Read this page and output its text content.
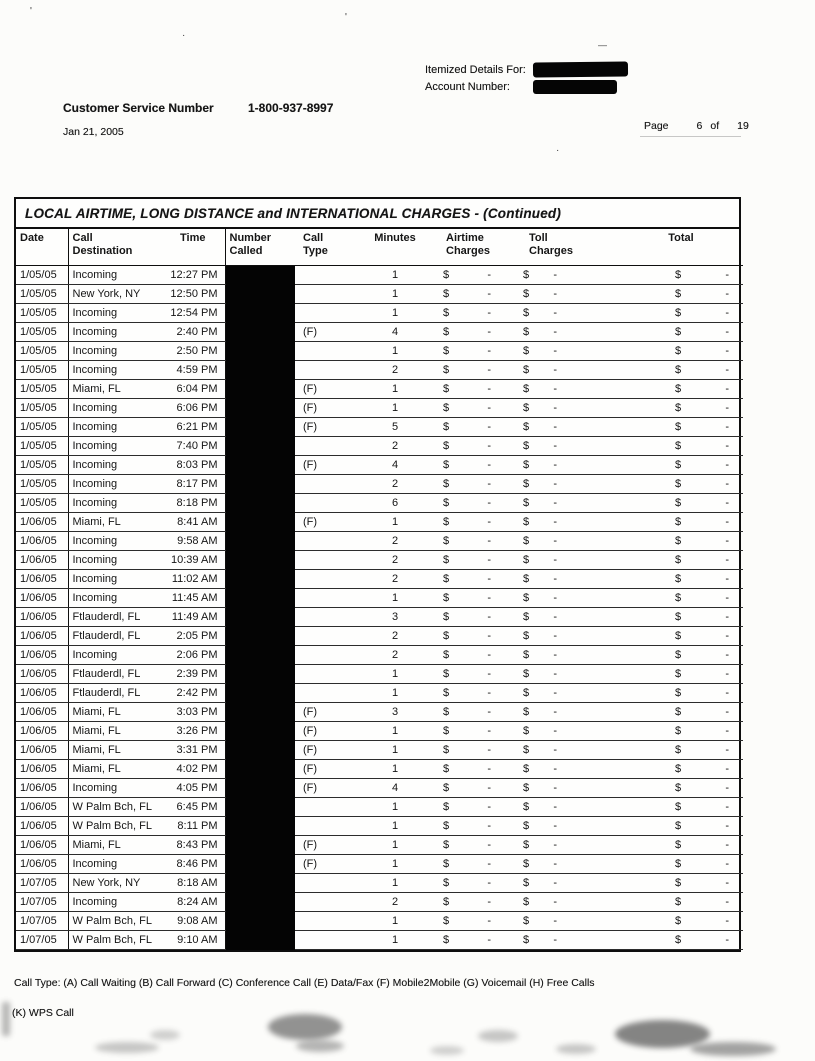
'
·
'
—
·
Itemized Details For:
Account Number:
Customer Service Number	1-800-937-8997
Jan 21, 2005	Page	6 of 19
LOCAL AIRTIME, LONG DISTANCE and INTERNATIONAL CHARGES - (Continued)
Date	Call Destination	Time	Number Called	Call Type	Minutes	Airtime Charges	Toll Charges	Total
1/05/05	Incoming	12:27 PM			1	$ -	$ -	$ -

1/05/05	New York, NY	12:50 PM			1	$ -	$ -	$ -

1/05/05	Incoming	12:54 PM			1	$ -	$ -	$ -

1/05/05	Incoming	2:40 PM		(F)	4	$ -	$ -	$ -

1/05/05	Incoming	2:50 PM			1	$ -	$ -	$ -

1/05/05	Incoming	4:59 PM			2	$ -	$ -	$ -

1/05/05	Miami, FL	6:04 PM		(F)	1	$ -	$ -	$ -

1/05/05	Incoming	6:06 PM		(F)	1	$ -	$ -	$ -

1/05/05	Incoming	6:21 PM		(F)	5	$ -	$ -	$ -

1/05/05	Incoming	7:40 PM			2	$ -	$ -	$ -

1/05/05	Incoming	8:03 PM		(F)	4	$ -	$ -	$ -

1/05/05	Incoming	8:17 PM			2	$ -	$ -	$ -

1/05/05	Incoming	8:18 PM			6	$ -	$ -	$ -

1/06/05	Miami, FL	8:41 AM		(F)	1	$ -	$ -	$ -

1/06/05	Incoming	9:58 AM			2	$ -	$ -	$ -

1/06/05	Incoming	10:39 AM			2	$ -	$ -	$ -

1/06/05	Incoming	11:02 AM			2	$ -	$ -	$ -

1/06/05	Incoming	11:45 AM			1	$ -	$ -	$ -

1/06/05	Ftlauderdl, FL	11:49 AM			3	$ -	$ -	$ -

1/06/05	Ftlauderdl, FL	2:05 PM			2	$ -	$ -	$ -

1/06/05	Incoming	2:06 PM			2	$ -	$ -	$ -

1/06/05	Ftlauderdl, FL	2:39 PM			1	$ -	$ -	$ -

1/06/05	Ftlauderdl, FL	2:42 PM			1	$ -	$ -	$ -

1/06/05	Miami, FL	3:03 PM		(F)	3	$ -	$ -	$ -

1/06/05	Miami, FL	3:26 PM		(F)	1	$ -	$ -	$ -

1/06/05	Miami, FL	3:31 PM		(F)	1	$ -	$ -	$ -

1/06/05	Miami, FL	4:02 PM		(F)	1	$ -	$ -	$ -

1/06/05	Incoming	4:05 PM		(F)	4	$ -	$ -	$ -

1/06/05	W Palm Bch, FL	6:45 PM			1	$ -	$ -	$ -

1/06/05	W Palm Bch, FL	8:11 PM			1	$ -	$ -	$ -

1/06/05	Miami, FL	8:43 PM		(F)	1	$ -	$ -	$ -

1/06/05	Incoming	8:46 PM		(F)	1	$ -	$ -	$ -

1/07/05	New York, NY	8:18 AM			1	$ -	$ -	$ -

1/07/05	Incoming	8:24 AM			2	$ -	$ -	$ -

1/07/05	W Palm Bch, FL	9:08 AM			1	$ -	$ -	$ -

1/07/05	W Palm Bch, FL	9:10 AM			1	$ -	$ -	$ -
Call Type: (A) Call Waiting (B) Call Forward (C) Conference Call (E) Data/Fax (F) Mobile2Mobile (G) Voicemail (H) Free Calls
(K) WPS Call
